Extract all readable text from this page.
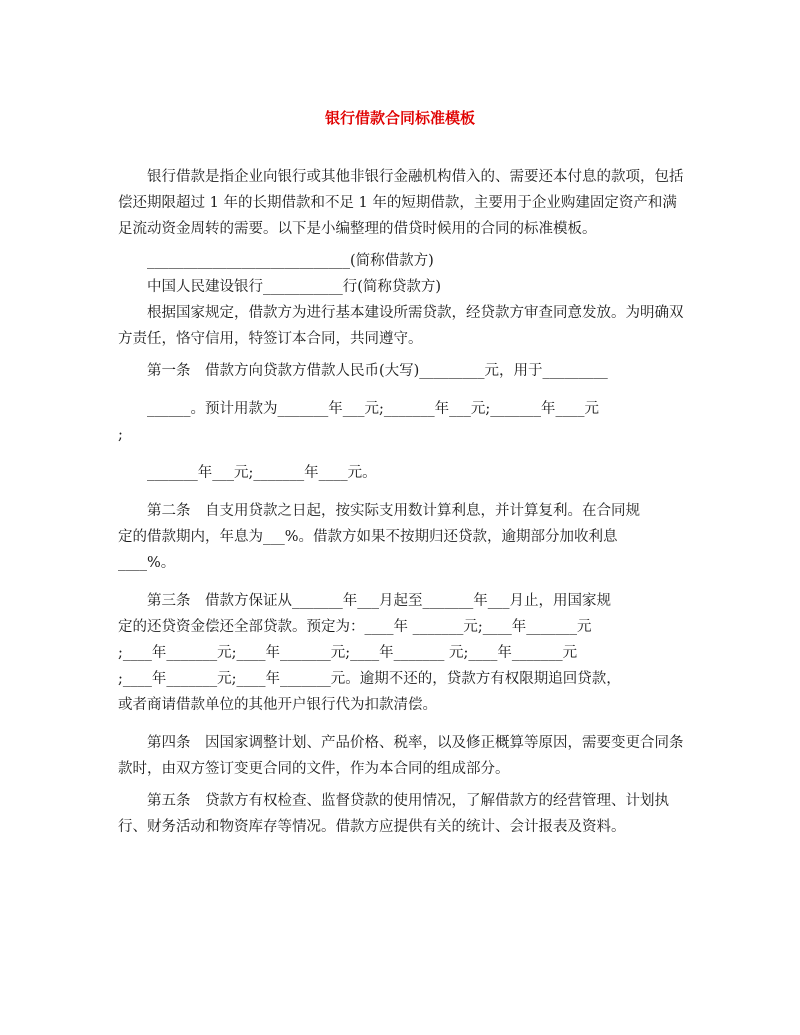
银行借款合同标准模板

银行借款是指企业向银行或其他非银行金融机构借入的、需要还本付息的款项，包括偿还期限超过 1 年的长期借款和不足 1 年的短期借款，主要用于企业购建固定资产和满足流动资金周转的需要。以下是小编整理的借贷时候用的合同的标准模板。

____________________________(简称借款方)

中国人民建设银行___________行(简称贷款方)

根据国家规定，借款方为进行基本建设所需贷款，经贷款方审查同意发放。为明确双方责任，恪守信用，特签订本合同，共同遵守。

第一条　借款方向贷款方借款人民币(大写)_________元，用于_________

______。预计用款为_______年___元;_______年___元;_______年____元

;

_______年___元;_______年____元。

第二条　自支用贷款之日起，按实际支用数计算利息，并计算复利。在合同规

定的借款期内，年息为___%。借款方如果不按期归还贷款，逾期部分加收利息

____%。

第三条　借款方保证从_______年___月起至_______年___月止，用国家规

定的还贷资金偿还全部贷款。预定为：____年 _______元;____年_______元

;____年_______元;____年_______元;____年_______ 元;____年_______元

;____年_______元;____年_______元。逾期不还的，贷款方有权限期追回贷款，

或者商请借款单位的其他开户银行代为扣款清偿。

第四条　因国家调整计划、产品价格、税率，以及修正概算等原因，需要变更合同条款时，由双方签订变更合同的文件，作为本合同的组成部分。

第五条　贷款方有权检查、监督贷款的使用情况，了解借款方的经营管理、计划执行、财务活动和物资库存等情况。借款方应提供有关的统计、会计报表及资料。
